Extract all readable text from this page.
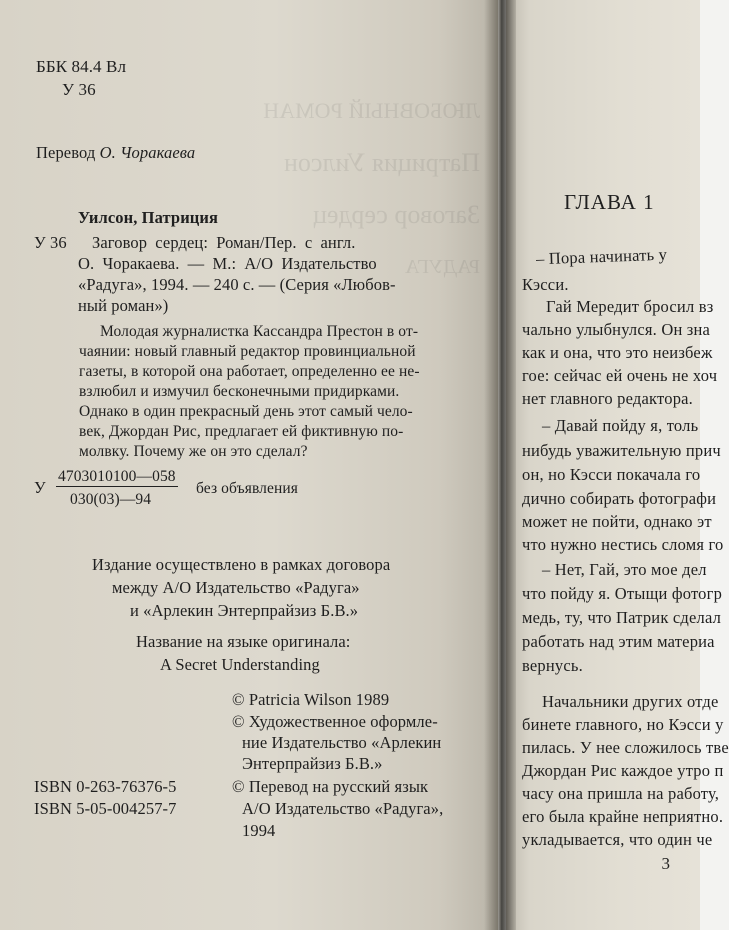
ЛЮБОВНЫЙ РОМАН
Патриция Уилсон
Заговор сердец
РАДУГА
ББК 84.4 Вл
У 36
Перевод О. Чоракаева
Уилсон, Патриция
У 36 Заговор сердец: Роман/Пер. с англ.
О. Чоракаева. — М.: А/О Издательство
«Радуга», 1994. — 240 с. — (Серия «Любов-
ный роман»)
Молодая журналистка Кассандра Престон в от-
чаянии: новый главный редактор провинциальной
газеты, в которой она работает, определенно ее не-
взлюбил и измучил бесконечными придирками.
Однако в один прекрасный день этот самый чело-
век, Джордан Рис, предлагает ей фиктивную по-
молвку. Почему же он это сделал?
У
4703010100—058
030(03)—94
без объявления
Издание осуществлено в рамках договора
между А/О Издательство «Радуга»
и «Арлекин Энтерпрайзиз Б.В.»
Название на языке оригинала:
A Secret Understanding
© Patricia Wilson 1989
© Художественное оформле-
ние Издательство «Арлекин
Энтерпрайзиз Б.В.»
© Перевод на русский язык
А/О Издательство «Радуга»,
1994
ISBN 0-263-76376-5
ISBN 5-05-004257-7
ГЛАВА 1
– Пора начинать у
Кэсси.
Гай Мередит бросил вз
чально улыбнулся. Он зна
как и она, что это неизбеж
гое: сейчас ей очень не хоч
нет главного редактора.
– Давай пойду я, толь
нибудь уважительную прич
он, но Кэсси покачала го
дично собирать фотографи
может не пойти, однако эт
что нужно нестись сломя го
– Нет, Гай, это мое дел
что пойду я. Отыщи фотогр
медь, ту, что Патрик сделал
работать над этим материа
вернусь.
Начальники других отде
бинете главного, но Кэсси у
пилась. У нее сложилось тве
Джордан Рис каждое утро п
часу она пришла на работу,
его была крайне неприятно.
укладывается, что один че
3
